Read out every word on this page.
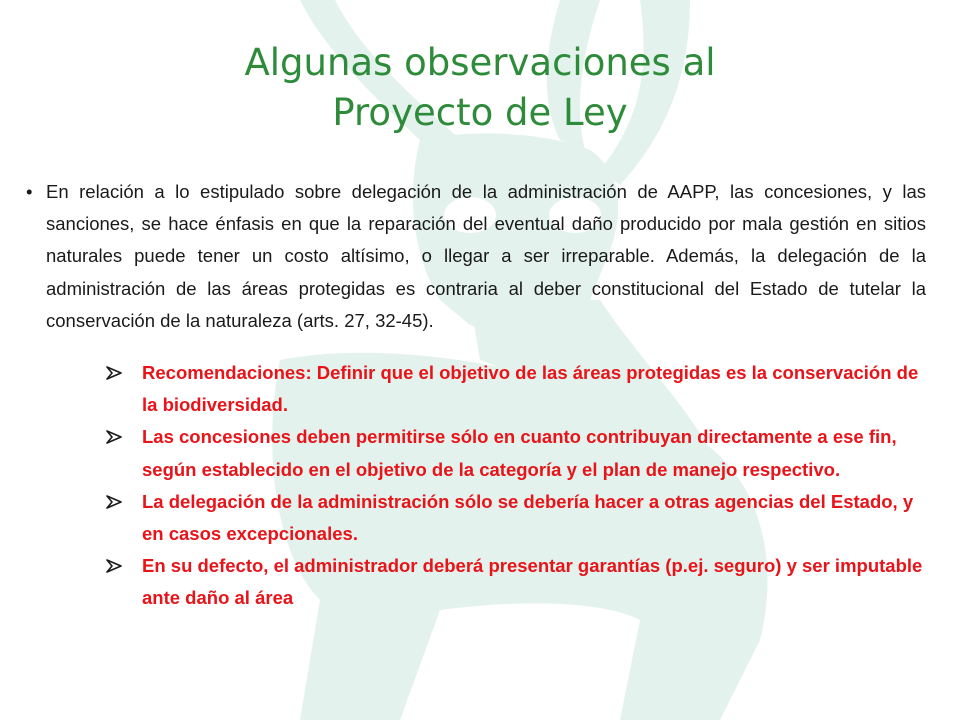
Algunas observaciones al
Proyecto de Ley
• En relación a lo estipulado sobre delegación de la administración de AAPP, las concesiones, y las sanciones, se hace énfasis en que la reparación del eventual daño producido por mala gestión en sitios naturales puede tener un costo altísimo, o llegar a ser irreparable. Además, la delegación de la administración de las áreas protegidas es contraria al deber constitucional del Estado de tutelar la conservación de la naturaleza (arts. 27, 32-45).
Recomendaciones: Definir que el objetivo de las áreas protegidas es la conservación de la biodiversidad.
Las concesiones deben permitirse sólo en cuanto contribuyan directamente a ese fin, según establecido en el objetivo de la categoría y el plan de manejo respectivo.
La delegación de la administración sólo se debería hacer a otras agencias del Estado, y en casos excepcionales.
En su defecto, el administrador deberá presentar garantías (p.ej. seguro) y ser imputable ante daño al área
